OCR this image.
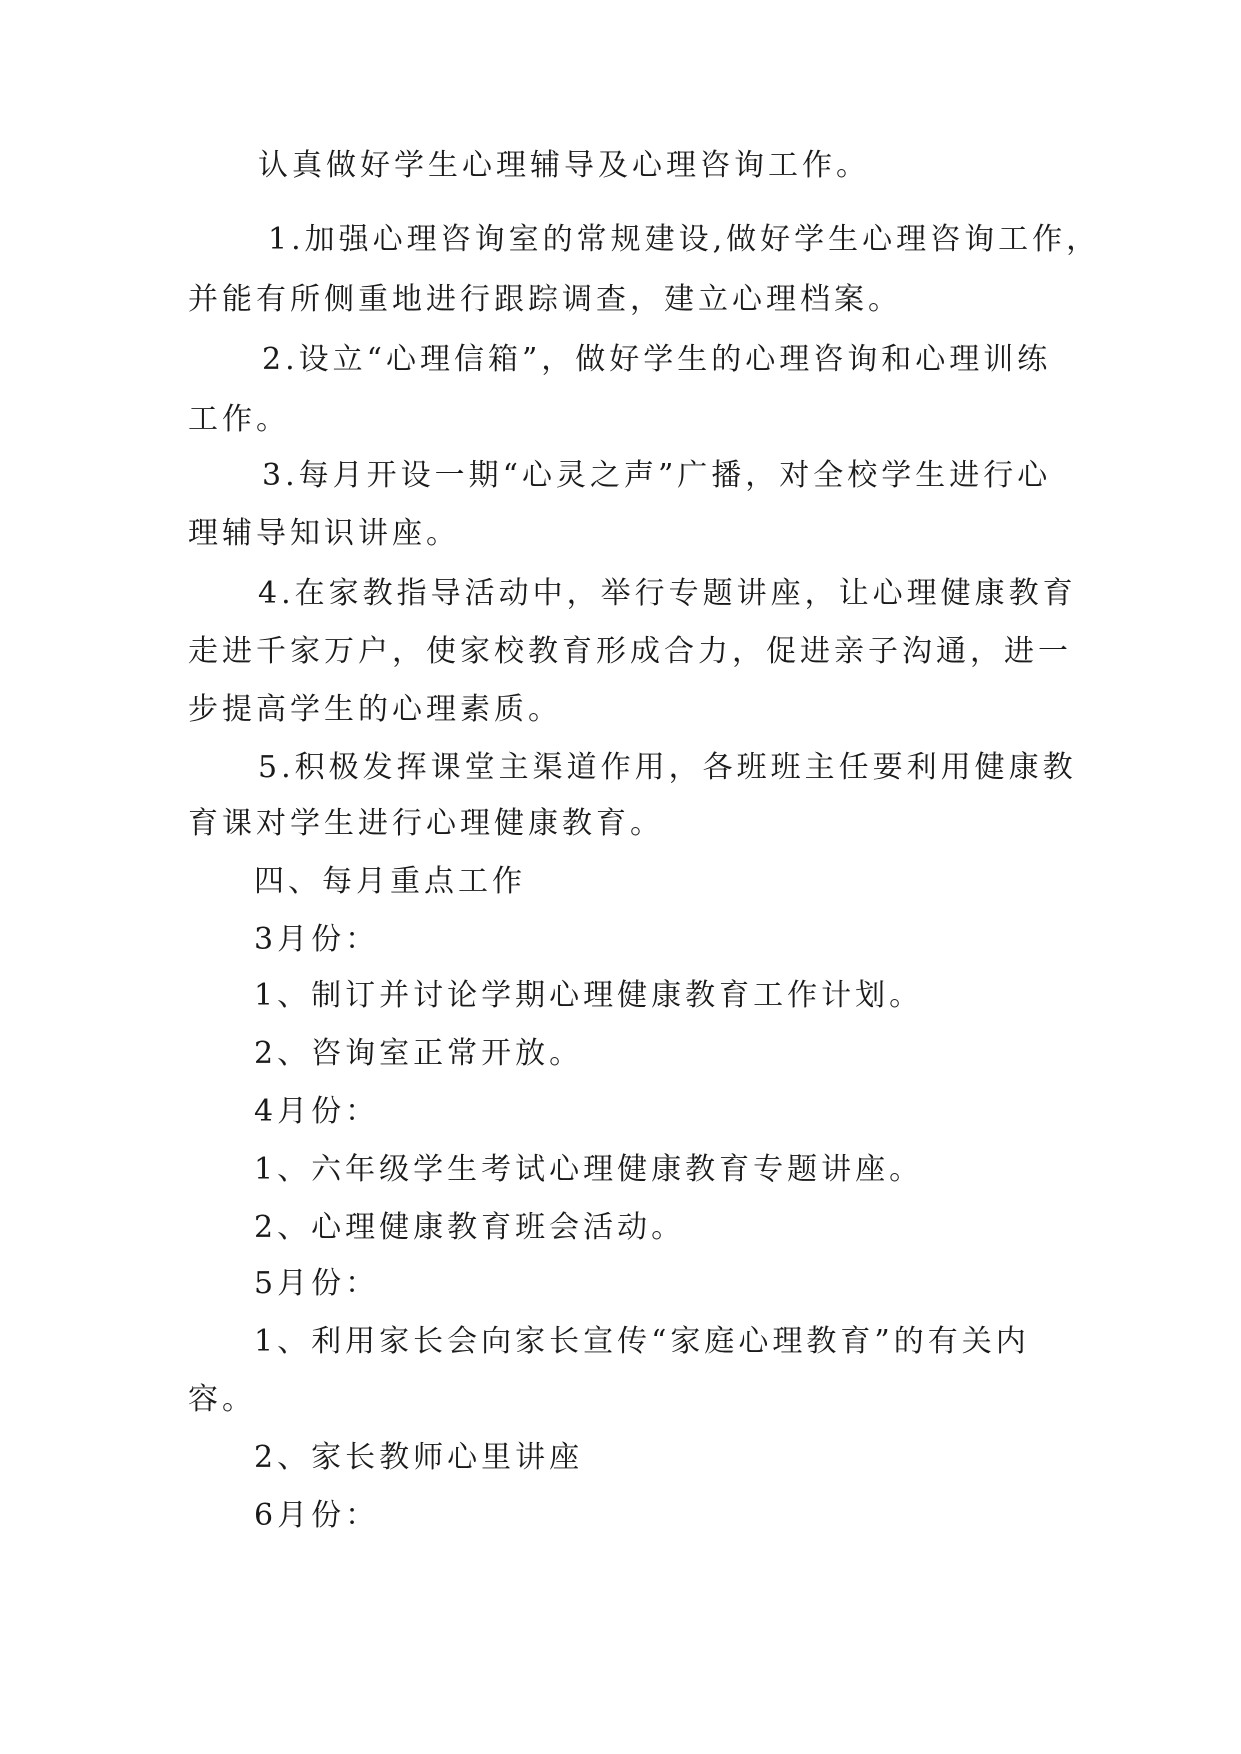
认真做好学生心理辅导及心理咨询工作。
1.加强心理咨询室的常规建设,做好学生心理咨询工作，
并能有所侧重地进行跟踪调查，建立心理档案。
2.设立“心理信箱”，做好学生的心理咨询和心理训练
工作。
3.每月开设一期“心灵之声”广播，对全校学生进行心
理辅导知识讲座。
4.在家教指导活动中，举行专题讲座，让心理健康教育
走进千家万户，使家校教育形成合力，促进亲子沟通，进一
步提高学生的心理素质。
5.积极发挥课堂主渠道作用，各班班主任要利用健康教
育课对学生进行心理健康教育。
四、每月重点工作
3月份：
1、制订并讨论学期心理健康教育工作计划。
2、咨询室正常开放。
4月份：
1、六年级学生考试心理健康教育专题讲座。
2、心理健康教育班会活动。
5月份：
1、利用家长会向家长宣传“家庭心理教育”的有关内
容。
2、家长教师心里讲座
6月份：
